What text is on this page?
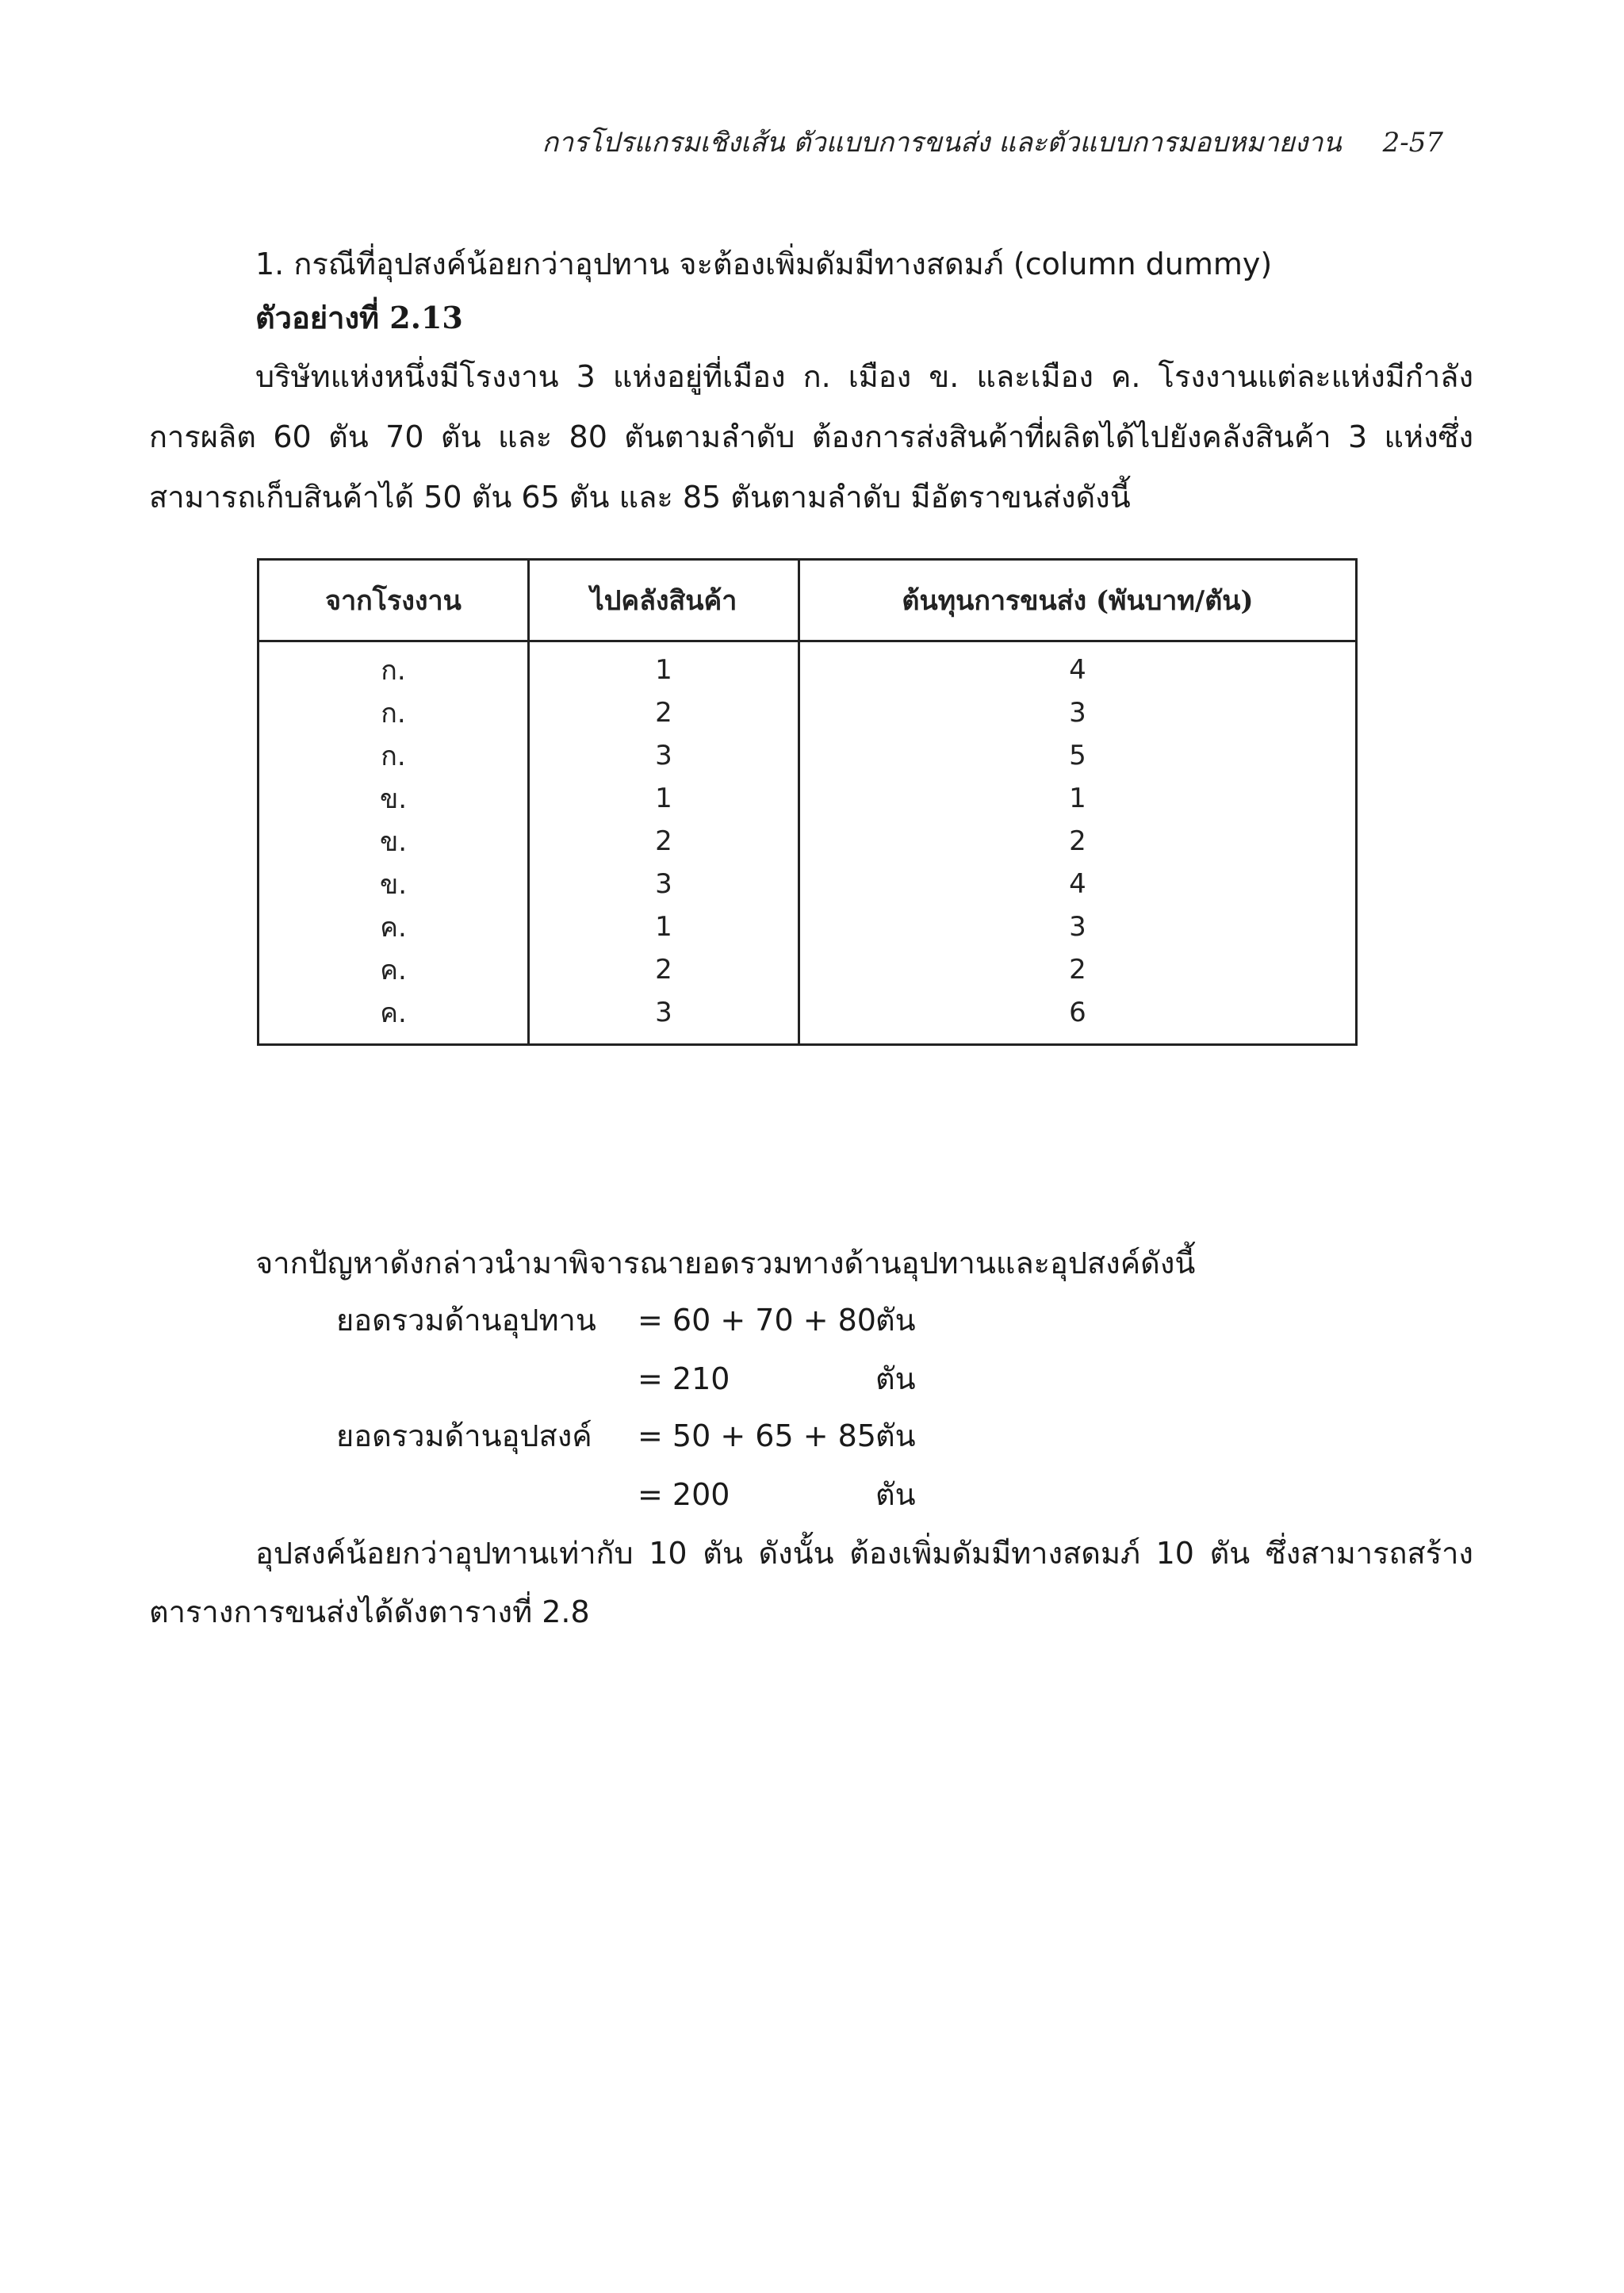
การโปรแกรมเชิงเส้น ตัวแบบการขนส่ง และตัวแบบการมอบหมายงาน 2-57
1. กรณีที่อุปสงค์น้อยกว่าอุปทาน จะต้องเพิ่มดัมมีทางสดมภ์ (column dummy)
ตัวอย่างที่ 2.13
บริษัทแห่งหนึ่งมีโรงงาน 3 แห่งอยู่ที่เมือง ก. เมือง ข. และเมือง ค. โรงงานแต่ละแห่งมีกำลัง
การผลิต 60 ตัน 70 ตัน และ 80 ตันตามลำดับ ต้องการส่งสินค้าที่ผลิตได้ไปยังคลังสินค้า 3 แห่งซึ่ง
สามารถเก็บสินค้าได้ 50 ตัน 65 ตัน และ 85 ตันตามลำดับ มีอัตราขนส่งดังนี้
จากโรงงาน	ไปคลังสินค้า	ต้นทุนการขนส่ง (พันบาท/ตัน)
ก.	1	4
ก.	2	3
ก.	3	5
ข.	1	1
ข.	2	2
ข.	3	4
ค.	1	3
ค.	2	2
ค.	3	6
จากปัญหาดังกล่าวนำมาพิจารณายอดรวมทางด้านอุปทานและอุปสงค์ดังนี้
ยอดรวมด้านอุปทาน = 60 + 70 + 80 ตัน
= 210	ตัน
ยอดรวมด้านอุปสงค์ = 50 + 65 + 85 ตัน
= 200	ตัน
อุปสงค์น้อยกว่าอุปทานเท่ากับ 10 ตัน ดังนั้น ต้องเพิ่มดัมมีทางสดมภ์ 10 ตัน ซึ่งสามารถสร้าง
ตารางการขนส่งได้ดังตารางที่ 2.8
